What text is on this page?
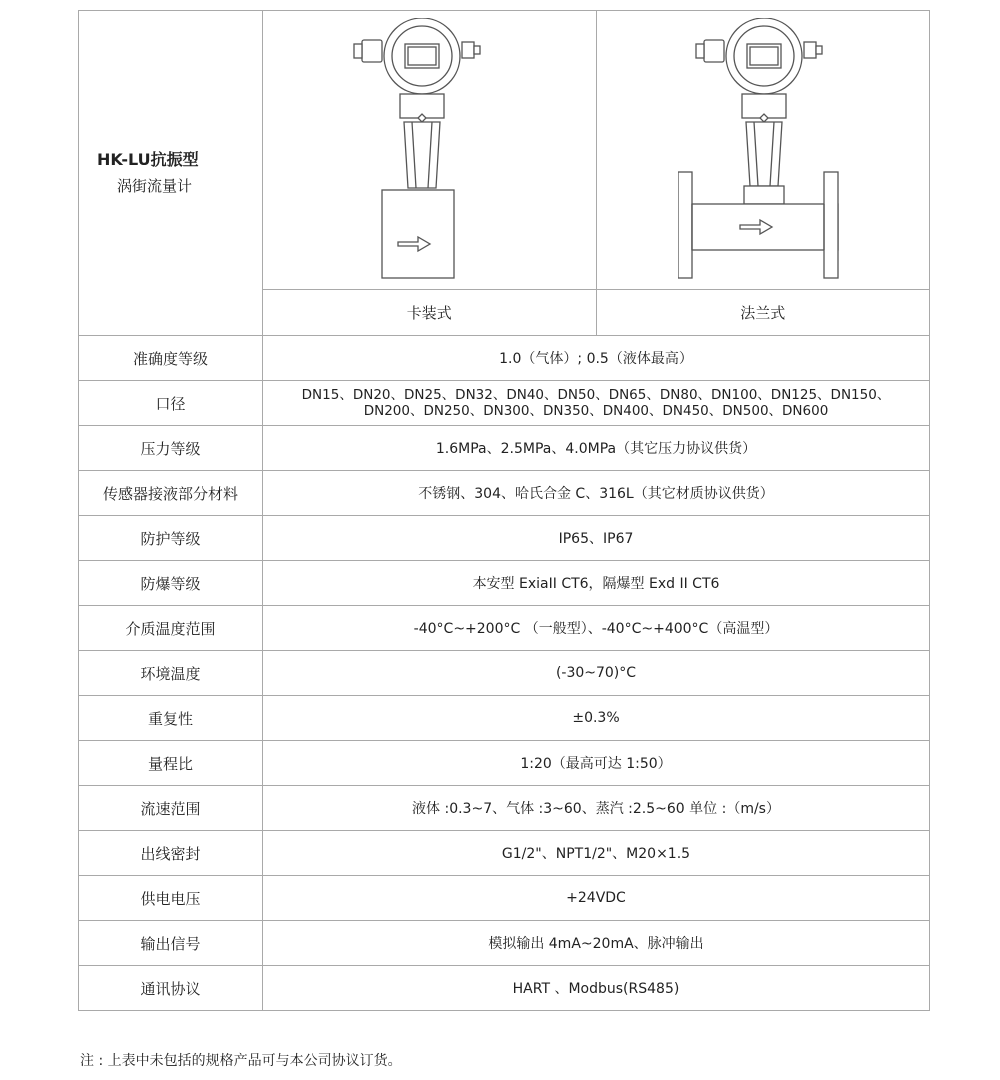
HK-LU抗振型
涡街流量计

	卡装式	法兰式
准确度等级	1.0（气体）; 0.5（液体最高）	
口径	DN15、DN20、DN25、DN32、DN40、DN50、DN65、DN80、DN100、DN125、DN150、
DN200、DN250、DN300、DN350、DN400、DN450、DN500、DN600	

压力等级	1.6MPa、2.5MPa、4.0MPa（其它压力协议供货）	
传感器接液部分材料	不锈钢、304、哈氏合金 C、316L（其它材质协议供货）	
防护等级	IP65、IP67	
防爆等级	本安型 ExiaII CT6，隔爆型 Exd II CT6	
介质温度范围	-40°C~+200°C （一般型）、-40°C~+400°C（高温型）	
环境温度	(-30~70)°C	
重复性	±0.3%	
量程比	1:20（最高可达 1:50）	
流速范围	液体 :0.3~7、气体 :3~60、蒸汽 :2.5~60 单位 :（m/s）	
出线密封	G1/2"、NPT1/2"、M20×1.5	
供电电压	+24VDC	
输出信号	模拟输出 4mA~20mA、脉冲输出	
通讯协议	HART 、Modbus(RS485)	
注 : 上表中未包括的规格产品可与本公司协议订货。
